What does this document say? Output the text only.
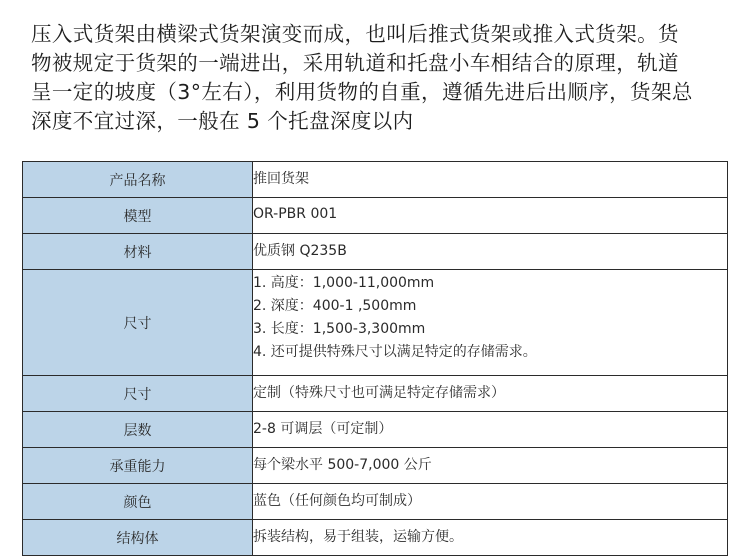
压入式货架由横梁式货架演变而成，也叫后推式货架或推入式货架。货
物被规定于货架的一端进出，采用轨道和托盘小车相结合的原理，轨道
呈一定的坡度（3°左右），利用货物的自重，遵循先进后出顺序，货架总
深度不宜过深，一般在 5 个托盘深度以内
产品名称	推回货架
模型	OR-PBR 001
材料	优质钢 Q235B
尺寸	1. 高度：1,000-11,000mm
2. 深度：400-1 ,500mm
3. 长度：1,500-3,300mm
4. 还可提供特殊尺寸以满足特定的存储需求。

尺寸	定制（特殊尺寸也可满足特定存储需求）
层数	2-8 可调层（可定制）
承重能力	每个梁水平 500-7,000 公斤
颜色	蓝色（任何颜色均可制成）
结构体	拆装结构，易于组装，运输方便。
